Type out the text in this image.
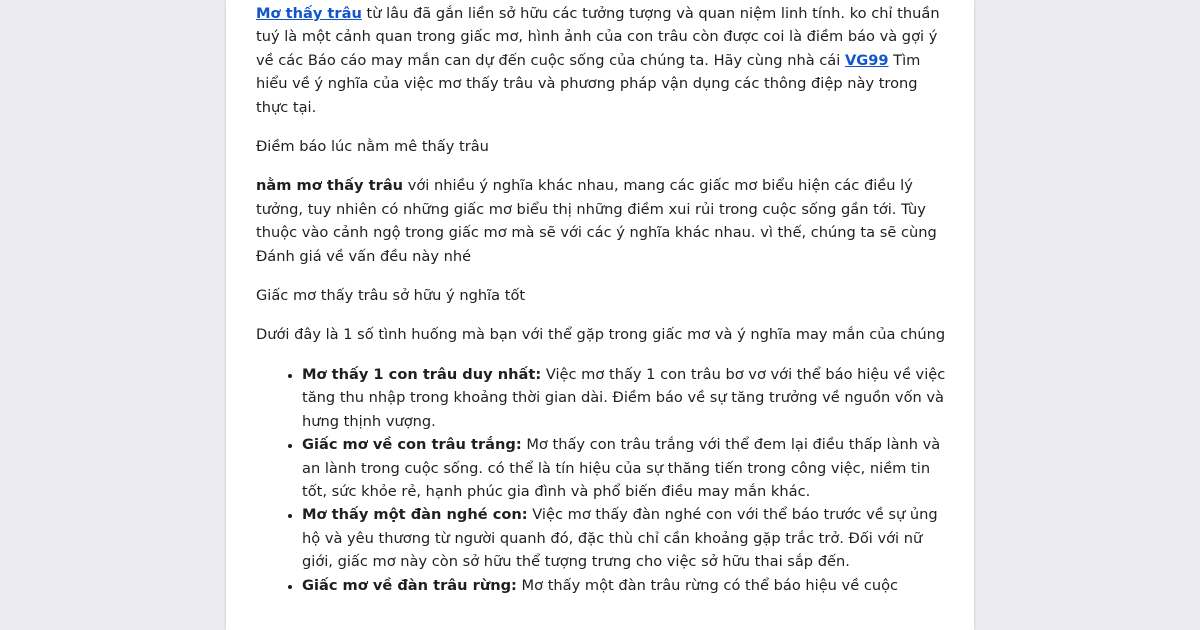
Mơ thấy trâu từ lâu đã gắn liền sở hữu các tưởng tượng và quan niệm linh tính. ko chỉ thuần tuý là một cảnh quan trong giấc mơ, hình ảnh của con trâu còn được coi là điềm báo và gợi ý về các Báo cáo may mắn can dự đến cuộc sống của chúng ta. Hãy cùng nhà cái VG99 Tìm hiểu về ý nghĩa của việc mơ thấy trâu và phương pháp vận dụng các thông điệp này trong thực tại.

Điềm báo lúc nằm mê thấy trâu

nằm mơ thấy trâu với nhiều ý nghĩa khác nhau, mang các giấc mơ biểu hiện các điều lý tưởng, tuy nhiên có những giấc mơ biểu thị những điềm xui rủi trong cuộc sống gần tới. Tùy thuộc vào cảnh ngộ trong giấc mơ mà sẽ với các ý nghĩa khác nhau. vì thế, chúng ta sẽ cùng Đánh giá về vấn đều này nhé

Giấc mơ thấy trâu sở hữu ý nghĩa tốt

Dưới đây là 1 số tình huống mà bạn với thể gặp trong giấc mơ và ý nghĩa may mắn của chúng

• Mơ thấy 1 con trâu duy nhất: Việc mơ thấy 1 con trâu bơ vơ với thể báo hiệu về việc tăng thu nhập trong khoảng thời gian dài. Điềm báo về sự tăng trưởng về nguồn vốn và hưng thịnh vượng.
• Giấc mơ về con trâu trắng: Mơ thấy con trâu trắng với thể đem lại điều thấp lành và an lành trong cuộc sống. có thể là tín hiệu của sự thăng tiến trong công việc, niềm tin tốt, sức khỏe rẻ, hạnh phúc gia đình và phổ biến điều may mắn khác.
• Mơ thấy một đàn nghé con: Việc mơ thấy đàn nghé con với thể báo trước về sự ủng hộ và yêu thương từ người quanh đó, đặc thù chỉ cần khoảng gặp trắc trở. Đối với nữ giới, giấc mơ này còn sở hữu thể tượng trưng cho việc sở hữu thai sắp đến.
• Giấc mơ về đàn trâu rừng: Mơ thấy một đàn trâu rừng có thể báo hiệu về cuộc
